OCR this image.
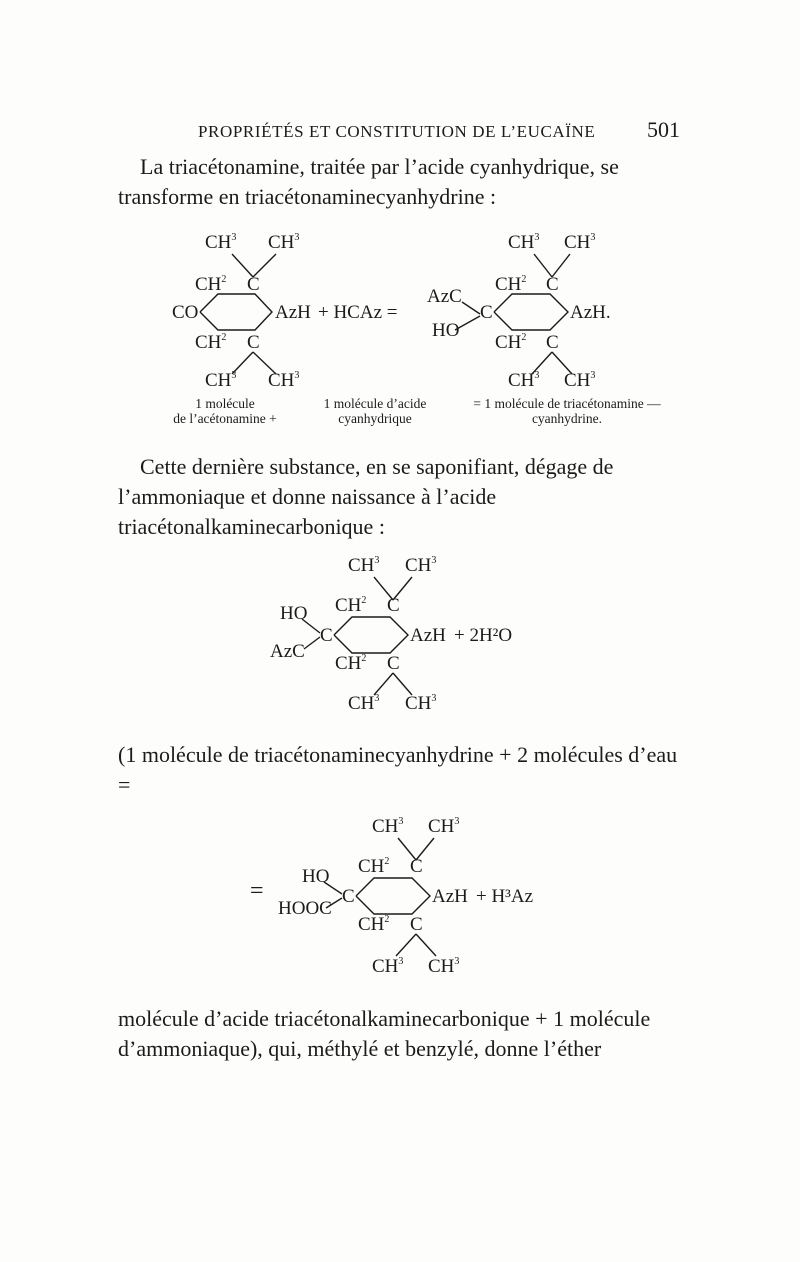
PROPRIÉTÉS ET CONSTITUTION DE L’EUCAÏNE 501

La triacétonamine, traitée par l’acide cyanhydrique, se transforme en triacétonaminecyanhydrine :

$CH^3$ $CH^3$
$CH^2$ C
CO	AzH
$CH^2$ C
$CH^3$ $CH^3$
+ HCAz =
$CH^3$ $CH^3$
$CH^2$ C
AzC
HO
C	AzH.
$CH^2$ C
$CH^3$ $CH^3$
1 molécule
de l’acétonamine +
1 molécule d’acide
cyanhydrique
= 1 molécule de triacétonamine —
cyanhydrine.

Cette dernière substance, en se saponifiant, dégage de l’ammoniaque et donne naissance à l’acide triacétonalkaminecarbonique :

$CH^3$ $CH^3$
$CH^2$ C
HO
AzC
C	AzH + 2H²O
$CH^2$ C
$CH^3$ $CH^3$

(1 molécule de triacétonaminecyanhydrine + 2 molécules d’eau =

=
$CH^3$ $CH^3$
$CH^2$ C
HO
HOOC
C	AzH + H³Az
$CH^2$ C
$CH^3$ $CH^3$

molécule d’acide triacétonalkaminecarbonique + 1 molécule d’ammoniaque), qui, méthylé et benzylé, donne l’éther
